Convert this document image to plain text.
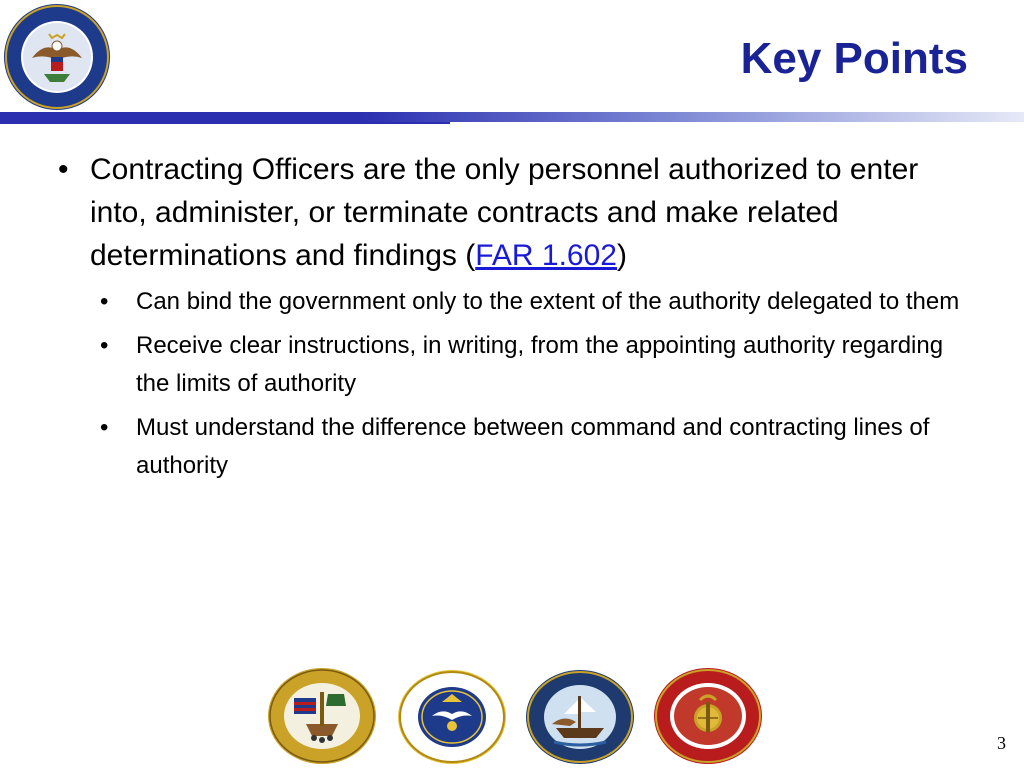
Key Points
• Contracting Officers are the only personnel authorized to enter into, administer, or terminate contracts and make related determinations and findings (FAR 1.602)
• Can bind the government only to the extent of the authority delegated to them
• Receive clear instructions, in writing, from the appointing authority regarding the limits of authority
• Must understand the difference between command and contracting lines of authority
3
